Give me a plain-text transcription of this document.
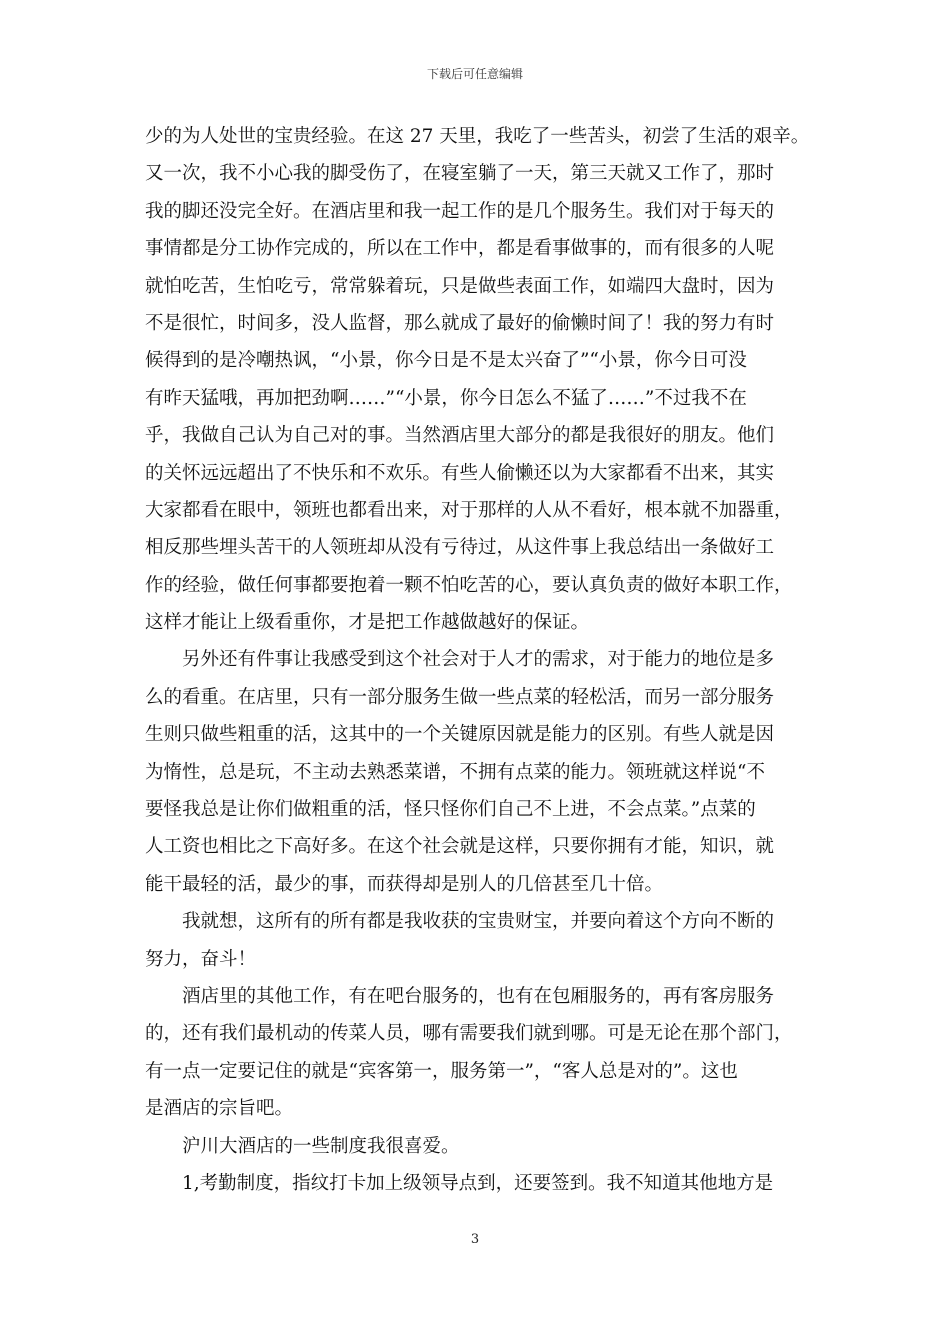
下载后可任意编辑
少的为人处世的宝贵经验。在这 27 天里，我吃了一些苦头，初尝了生活的艰辛。
又一次，我不小心我的脚受伤了，在寝室躺了一天，第三天就又工作了，那时
我的脚还没完全好。在酒店里和我一起工作的是几个服务生。我们对于每天的
事情都是分工协作完成的，所以在工作中，都是看事做事的，而有很多的人呢
就怕吃苦，生怕吃亏，常常躲着玩，只是做些表面工作，如端四大盘时，因为
不是很忙，时间多，没人监督，那么就成了最好的偷懒时间了！我的努力有时
候得到的是冷嘲热讽，“小景，你今日是不是太兴奋了”“小景，你今日可没
有昨天猛哦，再加把劲啊……”“小景，你今日怎么不猛了……”不过我不在
乎，我做自己认为自己对的事。当然酒店里大部分的都是我很好的朋友。他们
的关怀远远超出了不快乐和不欢乐。有些人偷懒还以为大家都看不出来，其实
大家都看在眼中，领班也都看出来，对于那样的人从不看好，根本就不加器重，
相反那些埋头苦干的人领班却从没有亏待过，从这件事上我总结出一条做好工
作的经验，做任何事都要抱着一颗不怕吃苦的心，要认真负责的做好本职工作，
这样才能让上级看重你，才是把工作越做越好的保证。
另外还有件事让我感受到这个社会对于人才的需求，对于能力的地位是多
么的看重。在店里，只有一部分服务生做一些点菜的轻松活，而另一部分服务
生则只做些粗重的活，这其中的一个关键原因就是能力的区别。有些人就是因
为惰性，总是玩，不主动去熟悉菜谱，不拥有点菜的能力。领班就这样说“不
要怪我总是让你们做粗重的活，怪只怪你们自己不上进，不会点菜。”点菜的
人工资也相比之下高好多。在这个社会就是这样，只要你拥有才能，知识，就
能干最轻的活，最少的事，而获得却是别人的几倍甚至几十倍。
我就想，这所有的所有都是我收获的宝贵财宝，并要向着这个方向不断的
努力，奋斗！
酒店里的其他工作，有在吧台服务的，也有在包厢服务的，再有客房服务
的，还有我们最机动的传菜人员，哪有需要我们就到哪。可是无论在那个部门，
有一点一定要记住的就是“宾客第一，服务第一”，“客人总是对的”。这也
是酒店的宗旨吧。
沪川大酒店的一些制度我很喜爱。
1,考勤制度，指纹打卡加上级领导点到，还要签到。我不知道其他地方是
3
